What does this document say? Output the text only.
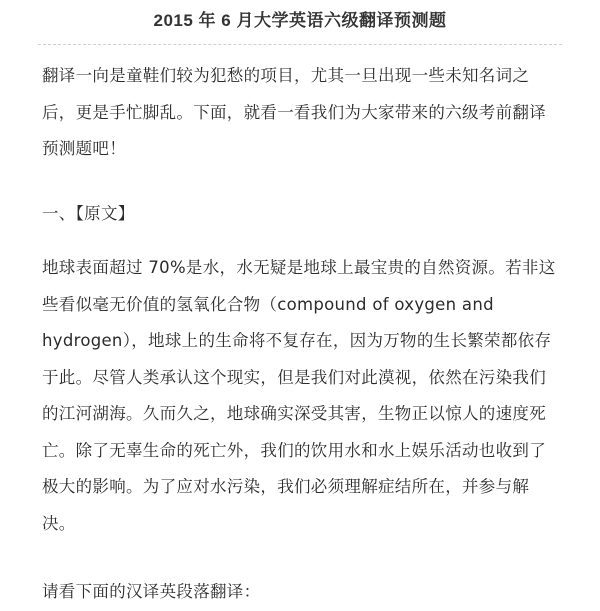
2015 年 6 月大学英语六级翻译预测题

翻译一向是童鞋们较为犯愁的项目，尤其一旦出现一些未知名词之后，更是手忙脚乱。下面，就看一看我们为大家带来的六级考前翻译预测题吧！

一、【原文】

地球表面超过 70%是水，水无疑是地球上最宝贵的自然资源。若非这些看似毫无价值的氢氧化合物（compound of oxygen and hydrogen），地球上的生命将不复存在，因为万物的生长繁荣都依存于此。尽管人类承认这个现实，但是我们对此漠视，依然在污染我们的江河湖海。久而久之，地球确实深受其害，生物正以惊人的速度死亡。除了无辜生命的死亡外，我们的饮用水和水上娱乐活动也收到了极大的影响。为了应对水污染，我们必须理解症结所在，并参与解决。

请看下面的汉译英段落翻译：
